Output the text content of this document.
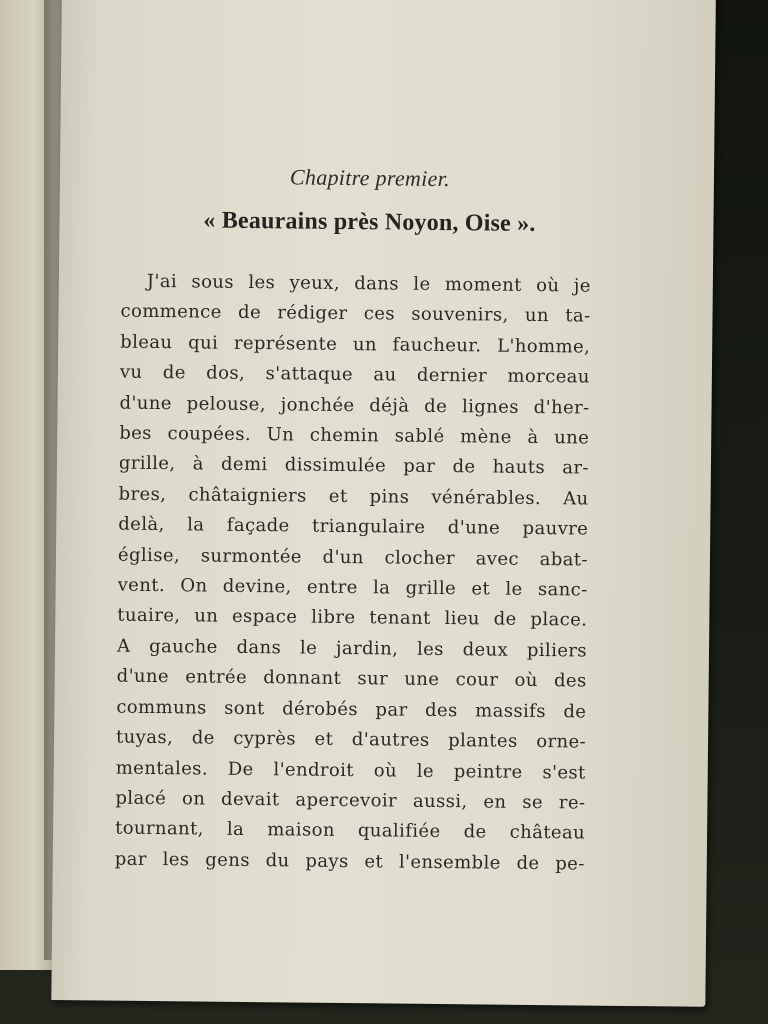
Chapitre premier.
« Beaurains près Noyon, Oise ».
J'ai sous les yeux, dans le moment où je
commence de rédiger ces souvenirs, un ta-
bleau qui représente un faucheur. L'homme,
vu de dos, s'attaque au dernier morceau
d'une pelouse, jonchée déjà de lignes d'her-
bes coupées. Un chemin sablé mène à une
grille, à demi dissimulée par de hauts ar-
bres, châtaigniers et pins vénérables. Au
delà, la façade triangulaire d'une pauvre
église, surmontée d'un clocher avec abat-
vent. On devine, entre la grille et le sanc-
tuaire, un espace libre tenant lieu de place.
A gauche dans le jardin, les deux piliers
d'une entrée donnant sur une cour où des
communs sont dérobés par des massifs de
tuyas, de cyprès et d'autres plantes orne-
mentales. De l'endroit où le peintre s'est
placé on devait apercevoir aussi, en se re-
tournant, la maison qualifiée de château
par les gens du pays et l'ensemble de pe-
